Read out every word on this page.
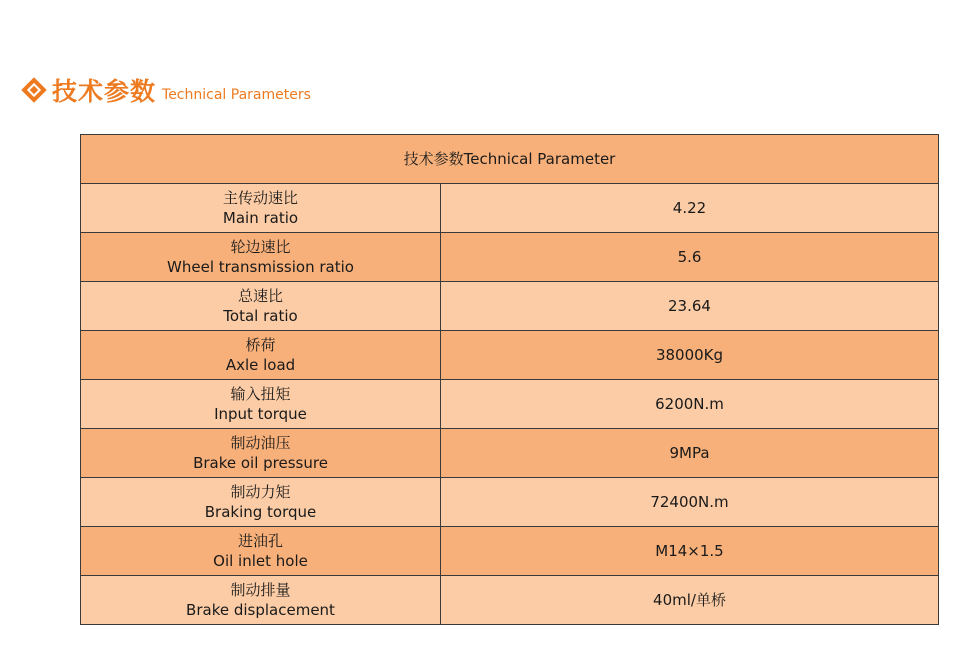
技术参数 Technical Parameters
技术参数Technical Parameter	

主传动速比
Main ratio	4.22

轮边速比
Wheel transmission ratio	5.6

总速比
Total ratio	23.64

桥荷
Axle load	38000Kg

输入扭矩
Input torque	6200N.m

制动油压
Brake oil pressure	9MPa

制动力矩
Braking torque	72400N.m

进油孔
Oil inlet hole	M14×1.5

制动排量
Brake displacement	40ml/单桥
